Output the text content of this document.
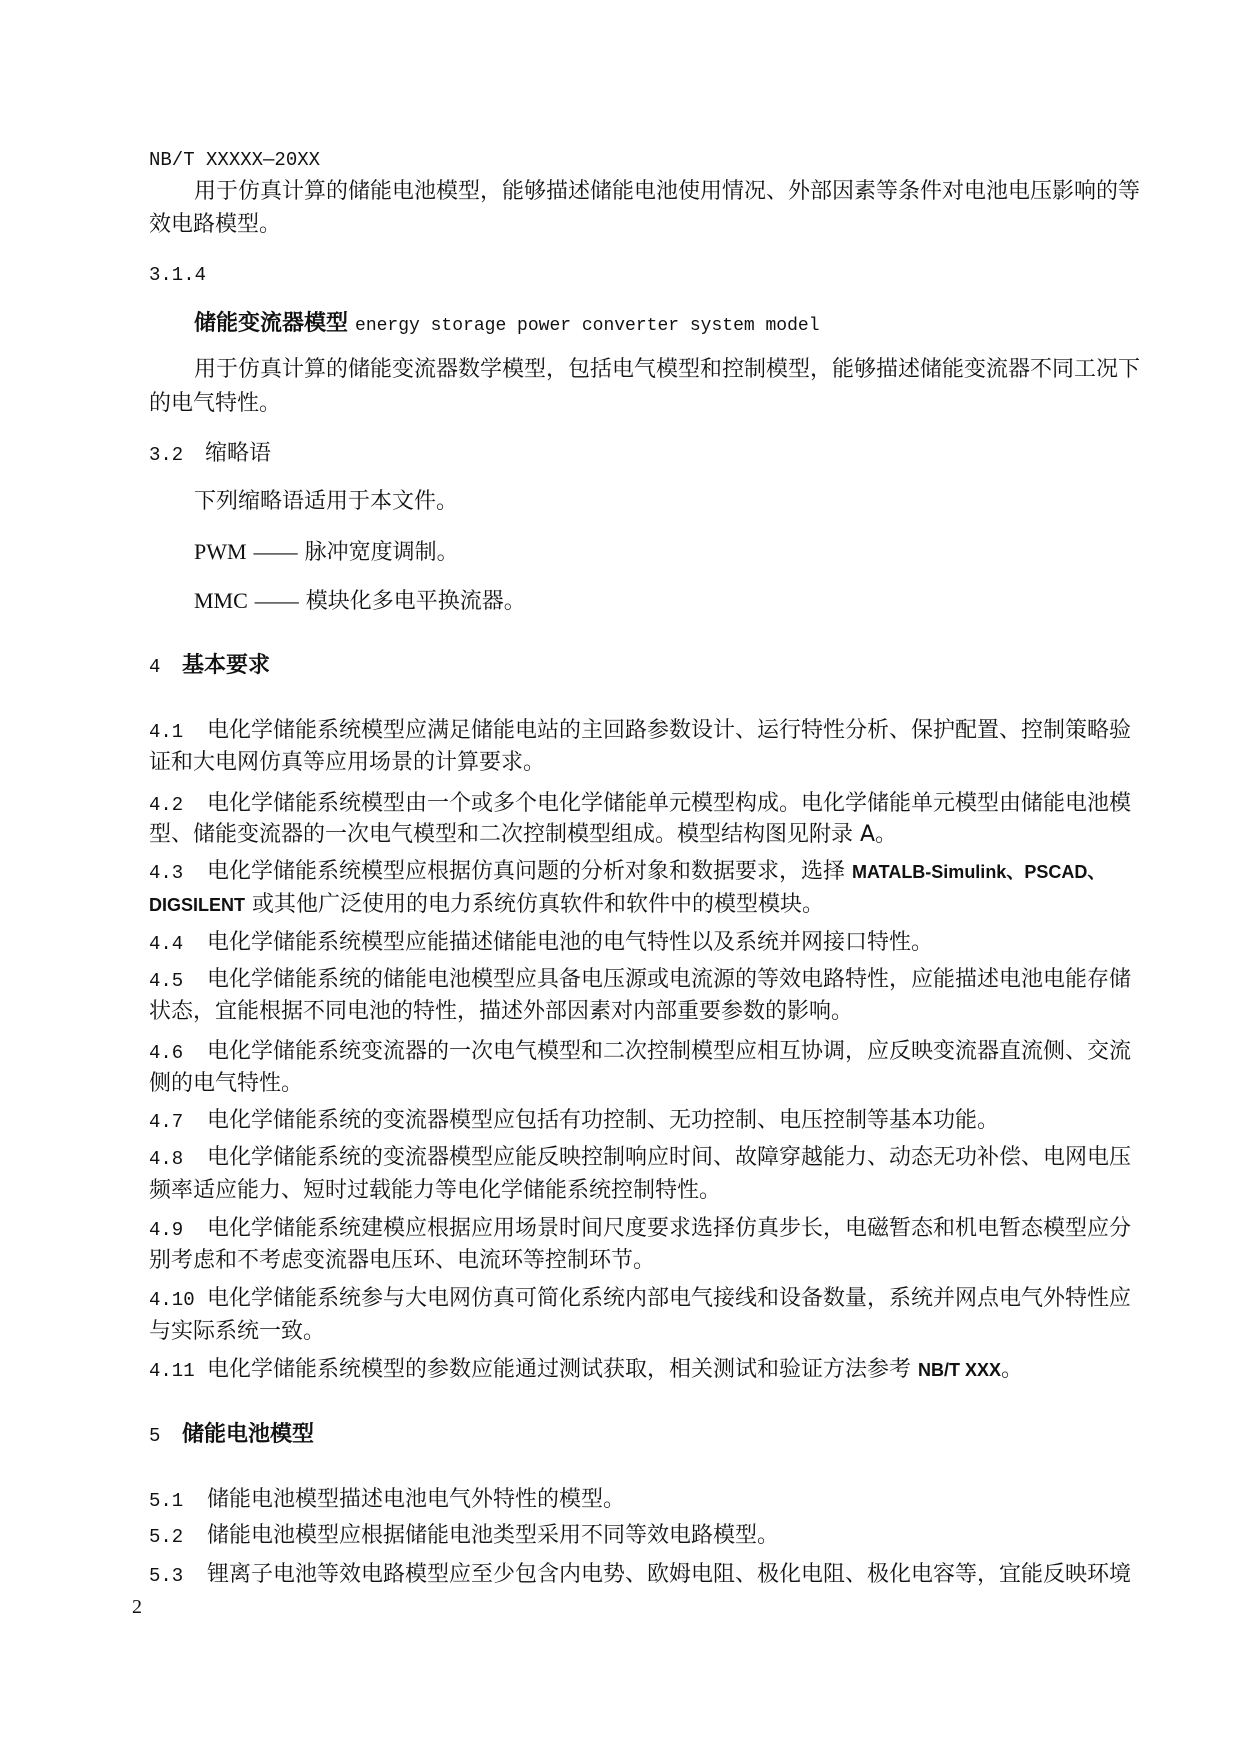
NB/T XXXXX—20XX
用于仿真计算的储能电池模型，能够描述储能电池使用情况、外部因素等条件对电池电压影响的等
效电路模型。
3.1.4
储能变流器模型 energy storage power converter system model
用于仿真计算的储能变流器数学模型，包括电气模型和控制模型，能够描述储能变流器不同工况下
的电气特性。
3.2 缩略语
下列缩略语适用于本文件。
PWM —— 脉冲宽度调制。
MMC —— 模块化多电平换流器。
4 基本要求
4.1 电化学储能系统模型应满足储能电站的主回路参数设计、运行特性分析、保护配置、控制策略验
证和大电网仿真等应用场景的计算要求。
4.2 电化学储能系统模型由一个或多个电化学储能单元模型构成。电化学储能单元模型由储能电池模
型、储能变流器的一次电气模型和二次控制模型组成。模型结构图见附录 A。
4.3 电化学储能系统模型应根据仿真问题的分析对象和数据要求，选择 MATALB-Simulink、PSCAD、
DIGSILENT 或其他广泛使用的电力系统仿真软件和软件中的模型模块。
4.4 电化学储能系统模型应能描述储能电池的电气特性以及系统并网接口特性。
4.5 电化学储能系统的储能电池模型应具备电压源或电流源的等效电路特性，应能描述电池电能存储
状态，宜能根据不同电池的特性，描述外部因素对内部重要参数的影响。
4.6 电化学储能系统变流器的一次电气模型和二次控制模型应相互协调，应反映变流器直流侧、交流
侧的电气特性。
4.7 电化学储能系统的变流器模型应包括有功控制、无功控制、电压控制等基本功能。
4.8 电化学储能系统的变流器模型应能反映控制响应时间、故障穿越能力、动态无功补偿、电网电压
频率适应能力、短时过载能力等电化学储能系统控制特性。
4.9 电化学储能系统建模应根据应用场景时间尺度要求选择仿真步长，电磁暂态和机电暂态模型应分
别考虑和不考虑变流器电压环、电流环等控制环节。
4.10 电化学储能系统参与大电网仿真可简化系统内部电气接线和设备数量，系统并网点电气外特性应
与实际系统一致。
4.11 电化学储能系统模型的参数应能通过测试获取，相关测试和验证方法参考 NB/T XXX。
5 储能电池模型
5.1 储能电池模型描述电池电气外特性的模型。
5.2 储能电池模型应根据储能电池类型采用不同等效电路模型。
5.3 锂离子电池等效电路模型应至少包含内电势、欧姆电阻、极化电阻、极化电容等，宜能反映环境
2
